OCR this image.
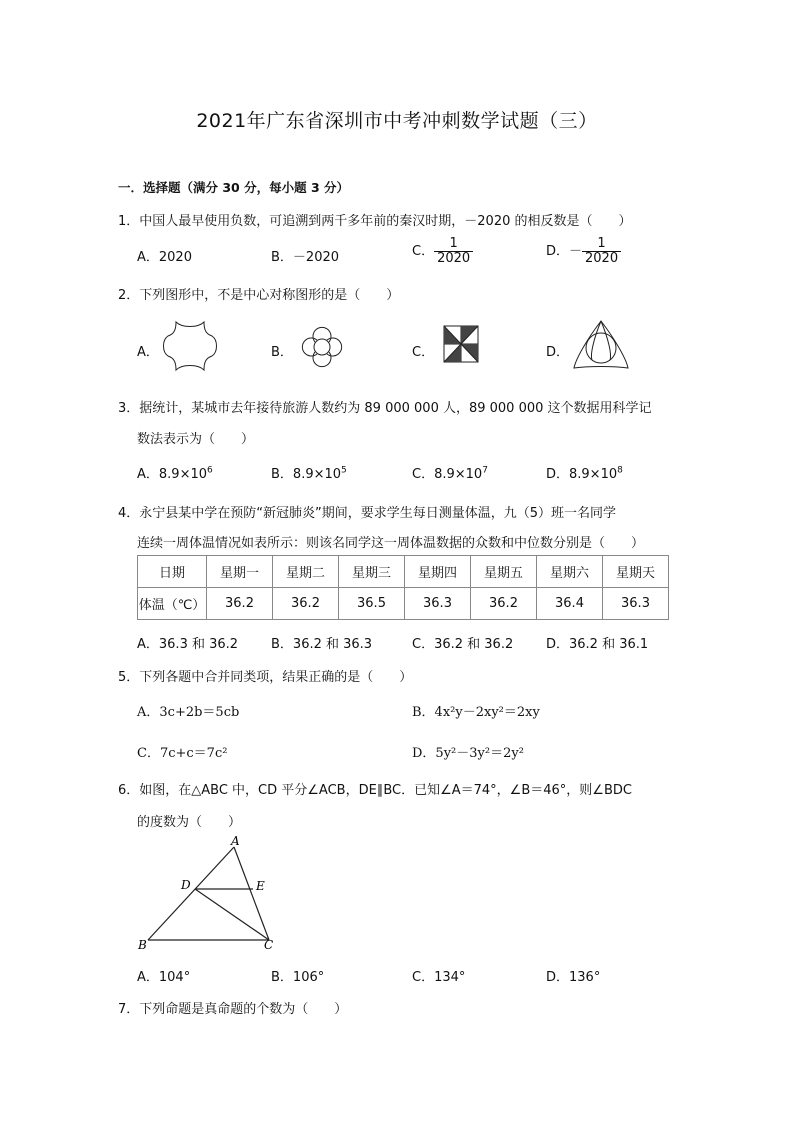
2021年广东省深圳市中考冲刺数学试题（三）
一．选择题（满分 30 分，每小题 3 分）
1．中国人最早使用负数，可追溯到两千多年前的秦汉时期，－2020 的相反数是（　　）
A．2020	B．－2020	C． $\frac{1}{2020}$	D．－ $\frac{1}{2020}$
2．下列图形中，不是中心对称图形的是（　　）
A．	B．	C．	D．
3．据统计，某城市去年接待旅游人数约为 89 000 000 人，89 000 000 这个数据用科学记
数法表示为（　　）
A．$8.9\times 10^6$	B．$8.9\times 10^5$	C．$8.9\times 10^7$	D．$8.9\times 10^8$
4．永宁县某中学在预防“新冠肺炎”期间，要求学生每日测量体温，九（5）班一名同学
连续一周体温情况如表所示：则该名同学这一周体温数据的众数和中位数分别是（　　）
日期	星期一	星期二	星期三	星期四	星期五	星期六	星期天
体温（℃）	36.2	36.2	36.5	36.3	36.2	36.4	36.3
A．36.3 和 36.2	B．36.2 和 36.3	C．36.2 和 36.2	D．36.2 和 36.1
5．下列各题中合并同类项，结果正确的是（　　）
A．3c+2b＝5cb	B．4x²y－2xy²＝2xy
C．7c+c＝7c²	D．5y²－3y²＝2y²
6．如图，在△ABC 中，CD 平分∠ACB，DE∥BC．已知∠A＝74°，∠B＝46°，则∠BDC
的度数为（　　）
A
B	C
D	E
A．104°	B．106°	C．134°	D．136°
7．下列命题是真命题的个数为（　　）
